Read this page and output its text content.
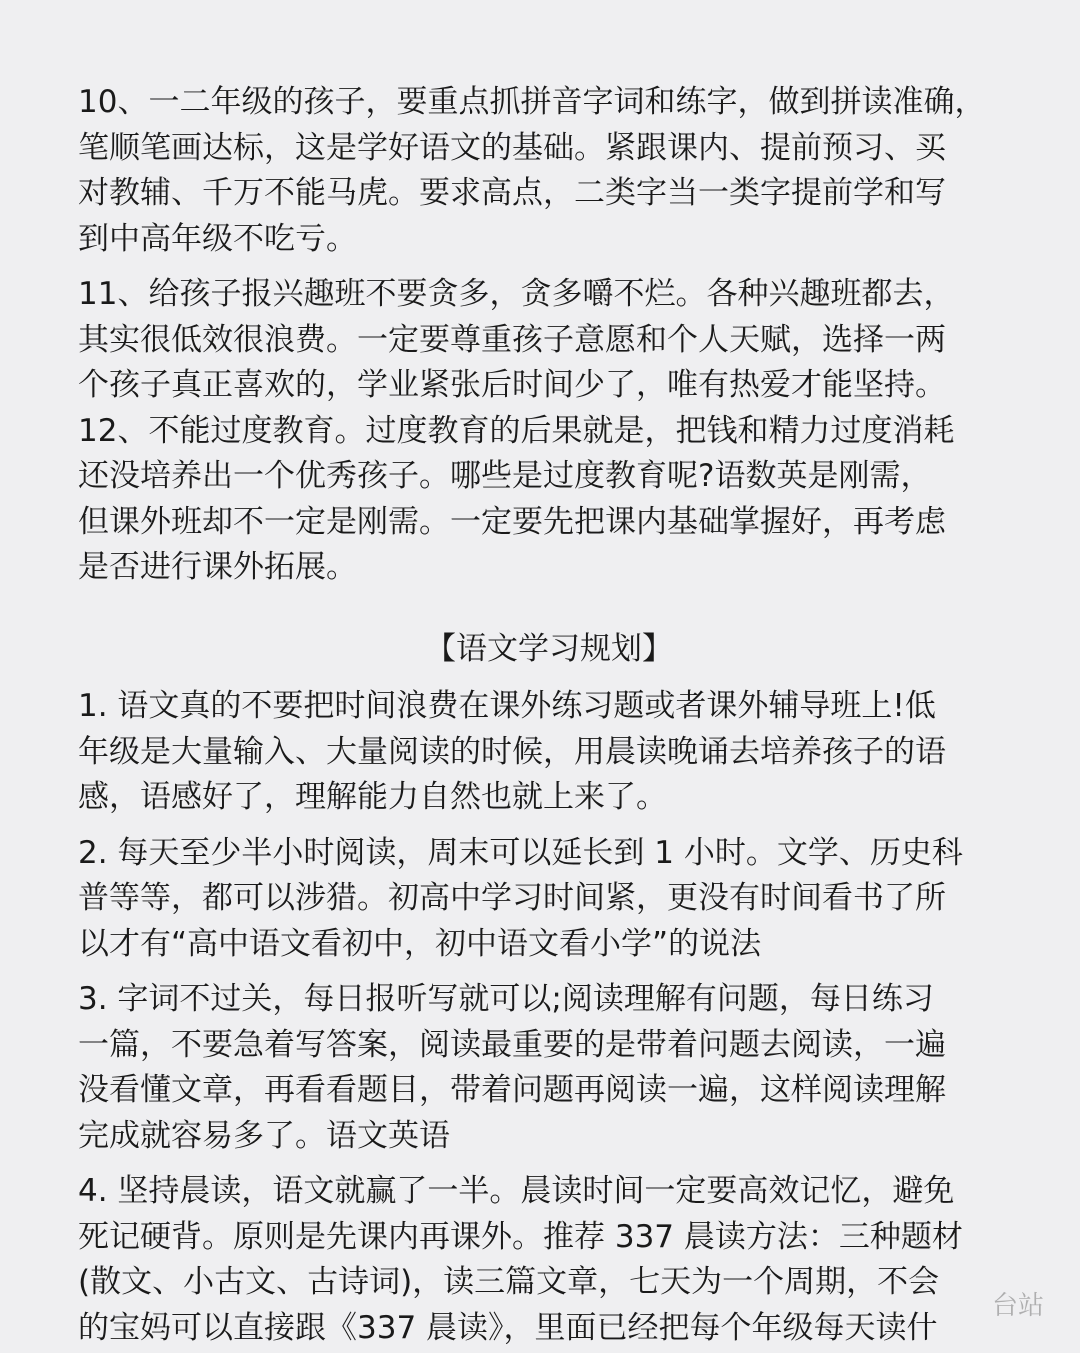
10、一二年级的孩子，要重点抓拼音字词和练字，做到拼读准确，
笔顺笔画达标，这是学好语文的基础。紧跟课内、提前预习、买
对教辅、千万不能马虎。要求高点，二类字当一类字提前学和写
到中高年级不吃亏。

11、给孩子报兴趣班不要贪多，贪多嚼不烂。各种兴趣班都去，
其实很低效很浪费。一定要尊重孩子意愿和个人天赋，选择一两
个孩子真正喜欢的，学业紧张后时间少了，唯有热爱才能坚持。

12、不能过度教育。过度教育的后果就是，把钱和精力过度消耗
还没培养出一个优秀孩子。哪些是过度教育呢?语数英是刚需，
但课外班却不一定是刚需。一定要先把课内基础掌握好，再考虑
是否进行课外拓展。

【语文学习规划】

1. 语文真的不要把时间浪费在课外练习题或者课外辅导班上!低
年级是大量输入、大量阅读的时候，用晨读晚诵去培养孩子的语
感，语感好了，理解能力自然也就上来了。

2. 每天至少半小时阅读，周末可以延长到 1 小时。文学、历史科
普等等，都可以涉猎。初高中学习时间紧，更没有时间看书了所
以才有“高中语文看初中，初中语文看小学”的说法

3. 字词不过关，每日报听写就可以;阅读理解有问题，每日练习
一篇，不要急着写答案，阅读最重要的是带着问题去阅读，一遍
没看懂文章，再看看题目，带着问题再阅读一遍，这样阅读理解
完成就容易多了。语文英语

4. 坚持晨读，语文就赢了一半。晨读时间一定要高效记忆，避免
死记硬背。原则是先课内再课外。推荐 337 晨读方法：三种题材
(散文、小古文、古诗词)，读三篇文章，七天为一个周期，不会
的宝妈可以直接跟《337 晨读》，里面已经把每个年级每天读什

台站
